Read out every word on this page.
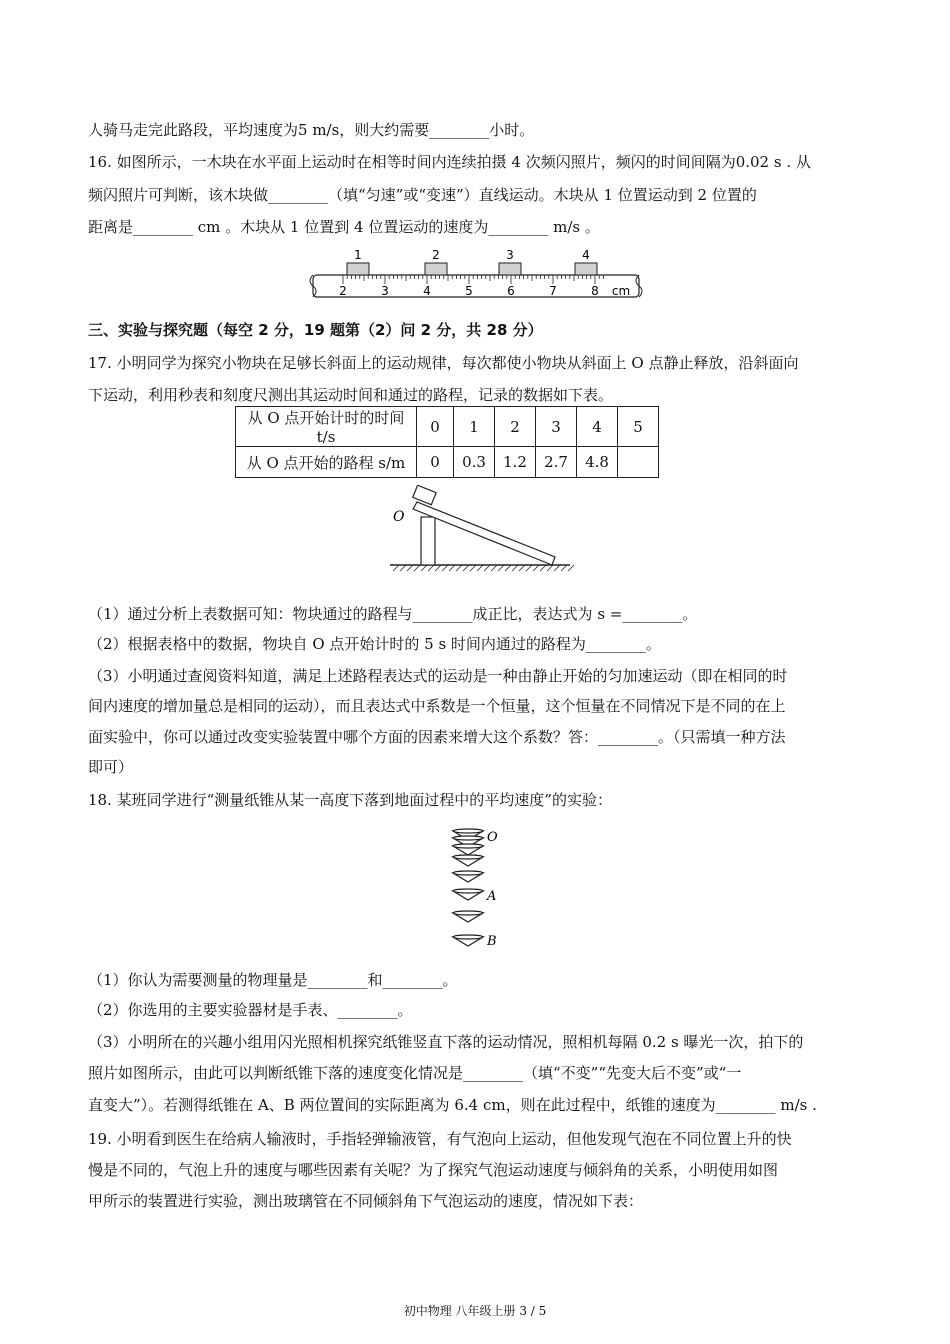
人骑马走完此路段，平均速度为5 m/s，则大约需要________小时。
16. 如图所示，一木块在水平面上运动时在相等时间内连续拍摄 4 次频闪照片，频闪的时间间隔为0.02 s . 从
频闪照片可判断，该木块做________（填“匀速”或“变速”）直线运动。木块从 1 位置运动到 2 位置的
距离是________ cm 。木块从 1 位置到 4 位置运动的速度为________ m/s 。
1	2	3	4
2	3	4	5	6	7	8 cm
三、实验与探究题（每空 2 分，19 题第（2）问 2 分，共 28 分）
17. 小明同学为探究小物块在足够长斜面上的运动规律，每次都使小物块从斜面上 O 点静止释放，沿斜面向
下运动，利用秒表和刻度尺测出其运动时间和通过的路程，记录的数据如下表。
从 O 点开始计时的时间 t/s	0	1	2	3	4	5
从 O 点开始的路程 s/m	0	0.3	1.2	2.7	4.8	
O
（1）通过分析上表数据可知：物块通过的路程与________成正比，表达式为 s =________。
（2）根据表格中的数据，物块自 O 点开始计时的 5 s 时间内通过的路程为________。
（3）小明通过查阅资料知道，满足上述路程表达式的运动是一种由静止开始的匀加速运动（即在相同的时
间内速度的增加量总是相同的运动），而且表达式中系数是一个恒量，这个恒量在不同情况下是不同的在上
面实验中，你可以通过改变实验装置中哪个方面的因素来增大这个系数？答：________。（只需填一种方法
即可）
18. 某班同学进行“测量纸锥从某一高度下落到地面过程中的平均速度”的实验：
O
A
B
（1）你认为需要测量的物理量是________和________。
（2）你选用的主要实验器材是手表、________。
（3）小明所在的兴趣小组用闪光照相机探究纸锥竖直下落的运动情况，照相机每隔 0.2 s 曝光一次，拍下的
照片如图所示，由此可以判断纸锥下落的速度变化情况是________（填“不变”“先变大后不变”或“一
直变大”）。若测得纸锥在 A、B 两位置间的实际距离为 6.4 cm，则在此过程中，纸锥的速度为________ m/s .
19. 小明看到医生在给病人输液时，手指轻弹输液管，有气泡向上运动，但他发现气泡在不同位置上升的快
慢是不同的，气泡上升的速度与哪些因素有关呢？为了探究气泡运动速度与倾斜角的关系，小明使用如图
甲所示的装置进行实验，测出玻璃管在不同倾斜角下气泡运动的速度，情况如下表：
初中物理 八年级上册 3 / 5
